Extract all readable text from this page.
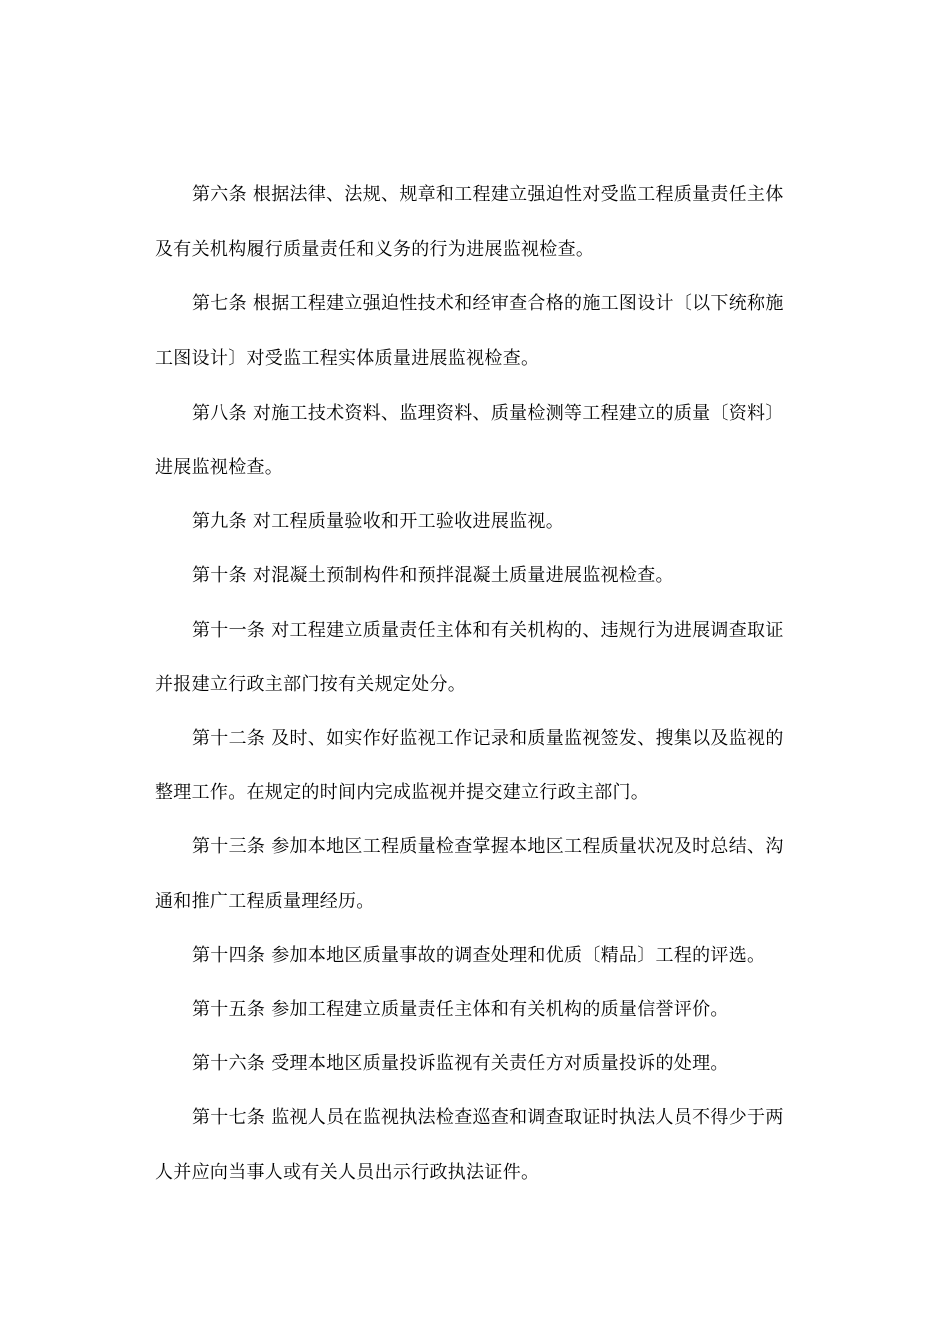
第六条 根据法律、法规、规章和工程建立强迫性对受监工程质量责任主体
及有关机构履行质量责任和义务的行为进展监视检查。
第七条 根据工程建立强迫性技术和经审查合格的施工图设计〔以下统称施
工图设计〕对受监工程实体质量进展监视检查。
第八条 对施工技术资料、监理资料、质量检测等工程建立的质量〔资料〕
进展监视检查。
第九条 对工程质量验收和开工验收进展监视。
第十条 对混凝土预制构件和预拌混凝土质量进展监视检查。
第十一条 对工程建立质量责任主体和有关机构的、违规行为进展调查取证
并报建立行政主部门按有关规定处分。
第十二条 及时、如实作好监视工作记录和质量监视签发、搜集以及监视的
整理工作。在规定的时间内完成监视并提交建立行政主部门。
第十三条 参加本地区工程质量检查掌握本地区工程质量状况及时总结、沟
通和推广工程质量理经历。
第十四条 参加本地区质量事故的调查处理和优质〔精品〕工程的评选。
第十五条 参加工程建立质量责任主体和有关机构的质量信誉评价。
第十六条 受理本地区质量投诉监视有关责任方对质量投诉的处理。
第十七条 监视人员在监视执法检查巡查和调查取证时执法人员不得少于两
人并应向当事人或有关人员出示行政执法证件。
